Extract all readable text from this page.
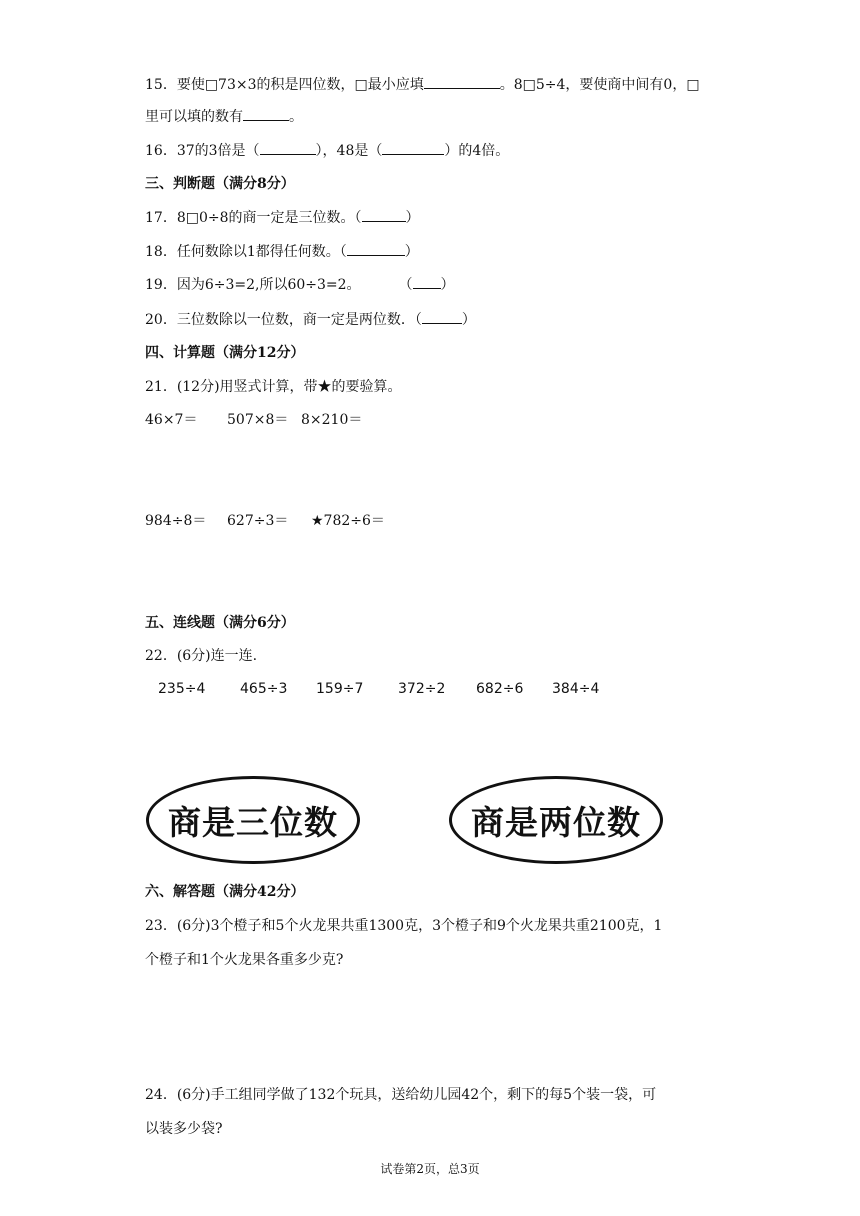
15．要使□73×3的积是四位数，□最小应填	。8□5÷4，要使商中间有0，□
里可以填的数有	。
16．37的3倍是（	），48是（	）的4倍。
三、判断题（满分8分）
17．8□0÷8的商一定是三位数。（	）
18．任何数除以1都得任何数。（	）
19．因为6÷3=2,所以60÷3=2。	（ ）
20．三位数除以一位数，商一定是两位数．（	）
四、计算题（满分12分）
21．(12分)用竖式计算，带★的要验算。
46×7＝ 507×8＝ 8×210＝
984÷8＝ 627÷3＝ ★782÷6＝
五、连线题（满分6分）
22．(6分)连一连.
235÷4 465÷3 159÷7 372÷2 682÷6 384÷4
商是三位数	商是两位数
六、解答题（满分42分）
23．(6分)3个橙子和5个火龙果共重1300克，3个橙子和9个火龙果共重2100克，1
个橙子和1个火龙果各重多少克?
24．(6分)手工组同学做了132个玩具，送给幼儿园42个，剩下的每5个装一袋，可
以装多少袋?
试卷第2页，总3页
